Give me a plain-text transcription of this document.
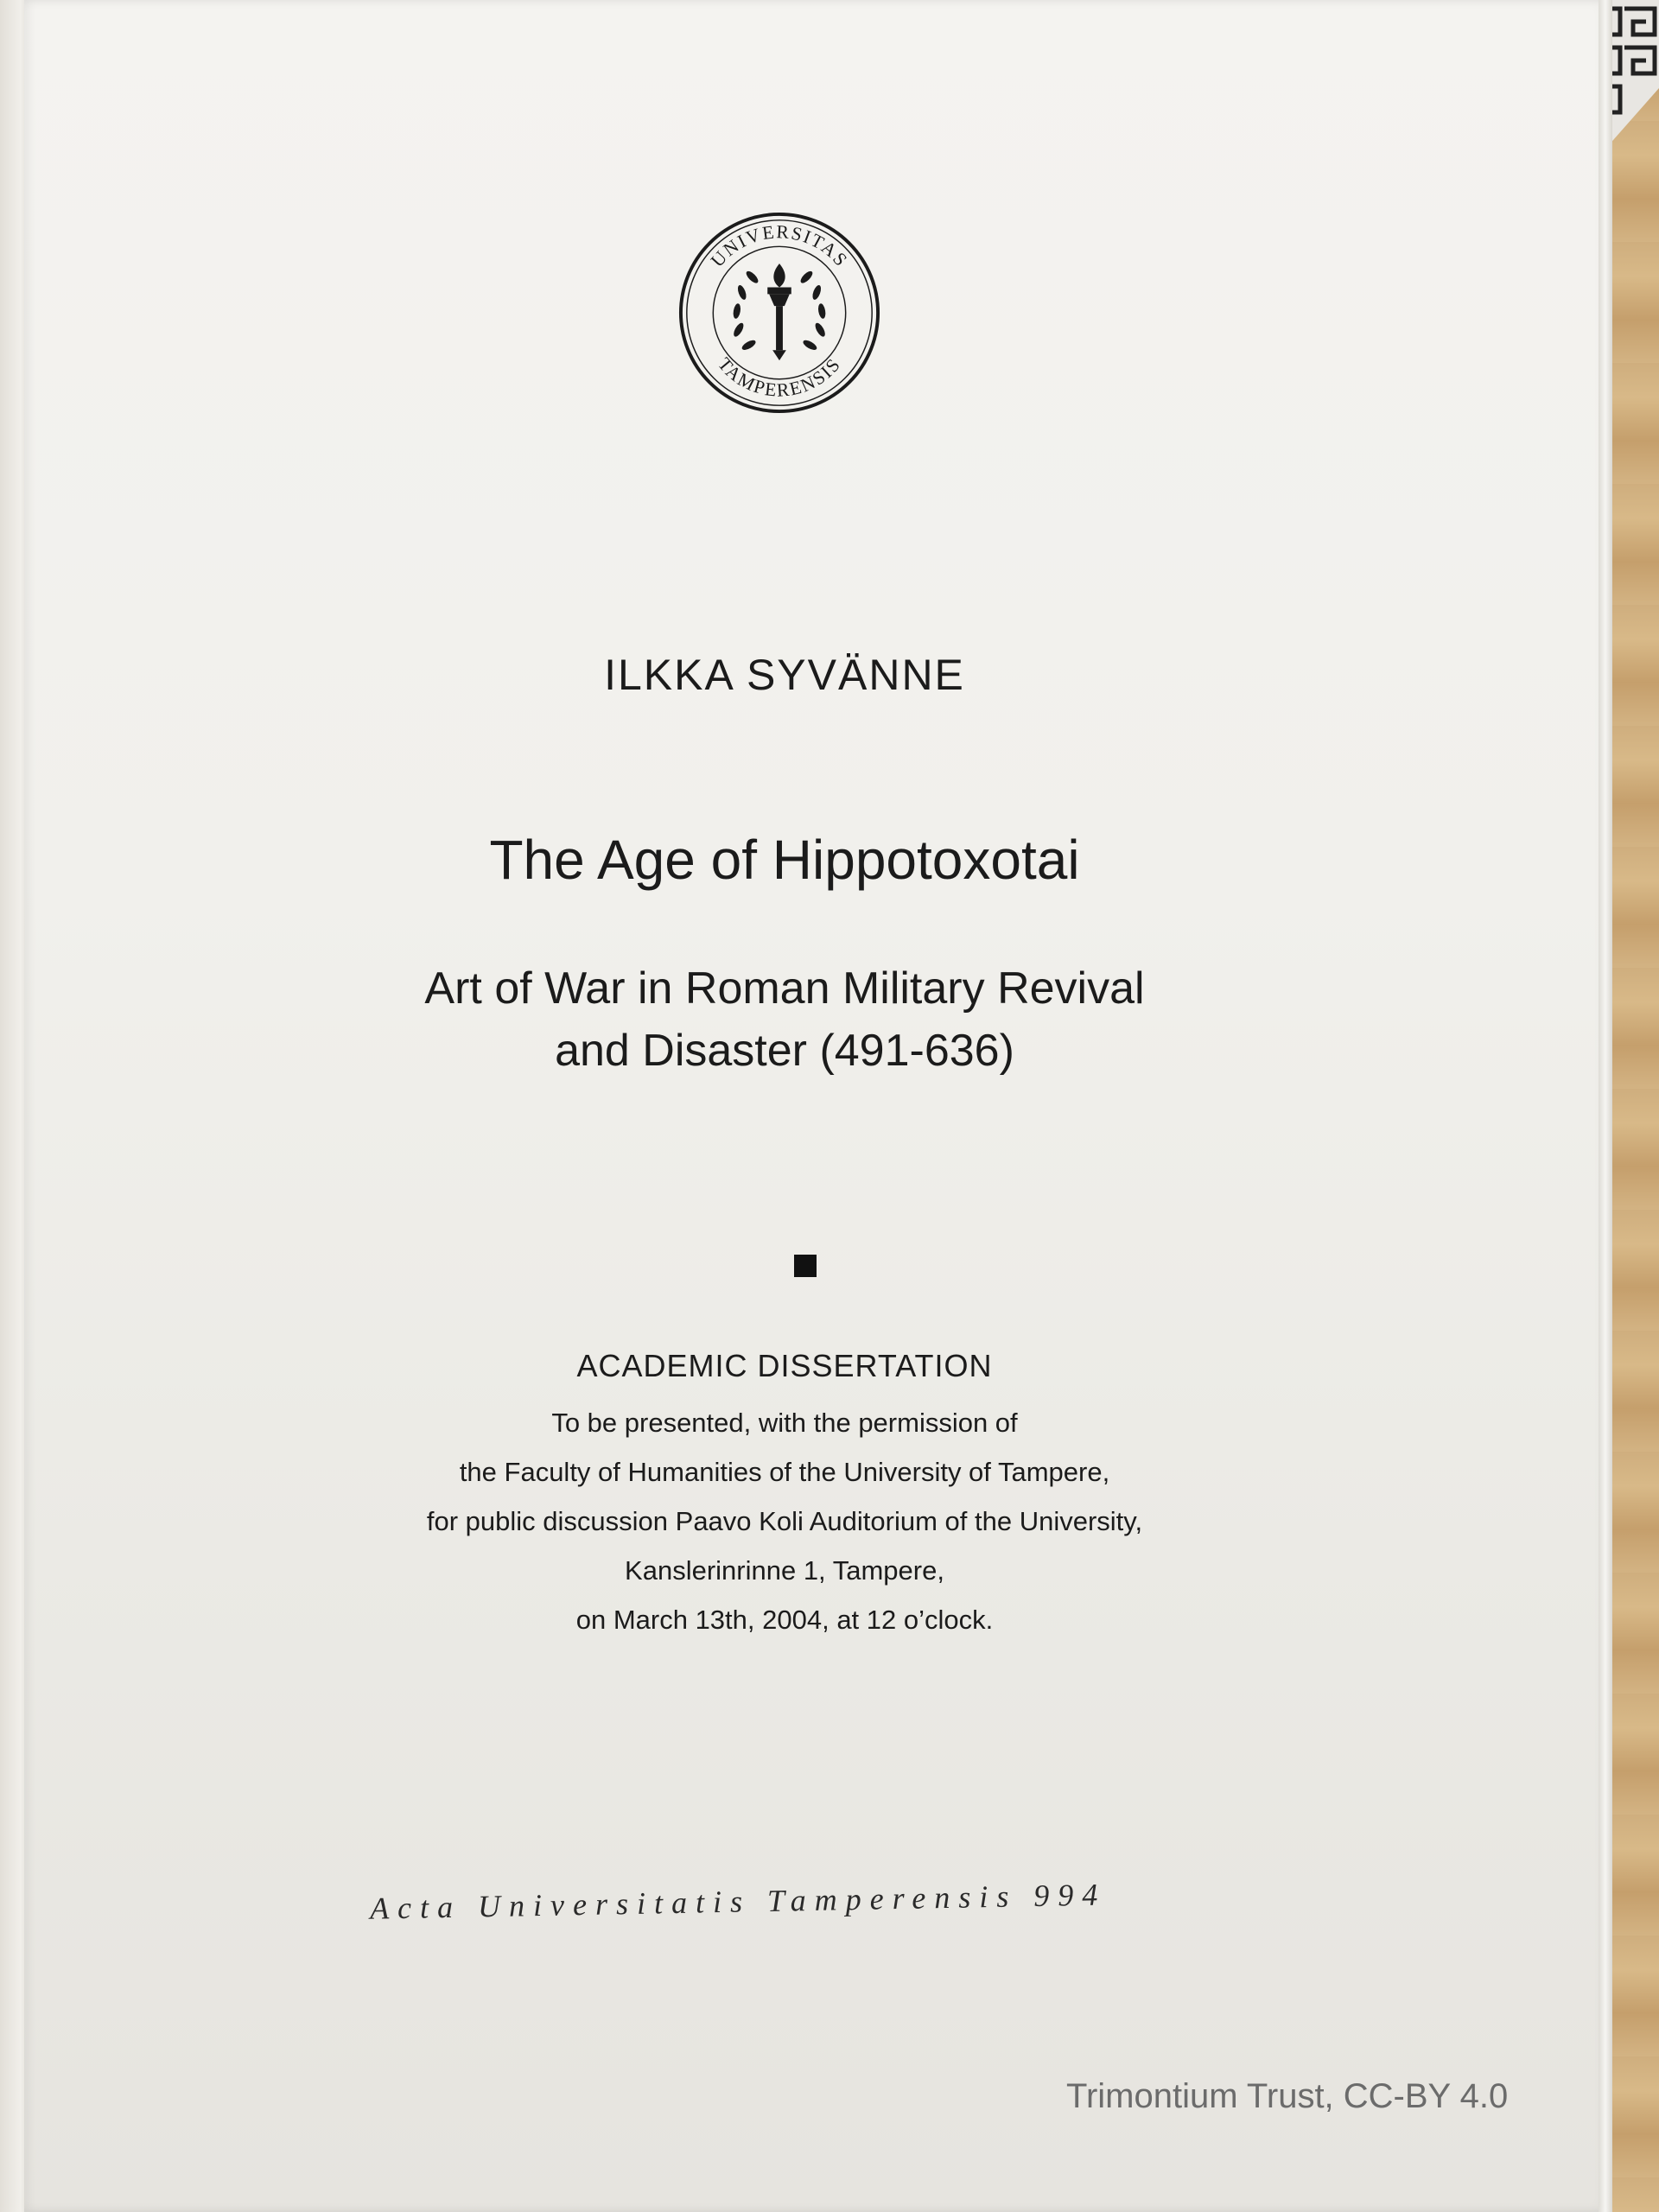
UNIVERSITAS
TAMPERENSIS
ILKKA SYVÄNNE
The Age of Hippotoxotai
Art of War in Roman Military Revival
and Disaster (491-636)
ACADEMIC DISSERTATION
To be presented, with the permission of
the Faculty of Humanities of the University of Tampere,
for public discussion Paavo Koli Auditorium of the University,
Kanslerinrinne 1, Tampere,
on March 13th, 2004, at 12 o’clock.
Acta Universitatis Tamperensis 994
Trimontium Trust, CC-BY 4.0
